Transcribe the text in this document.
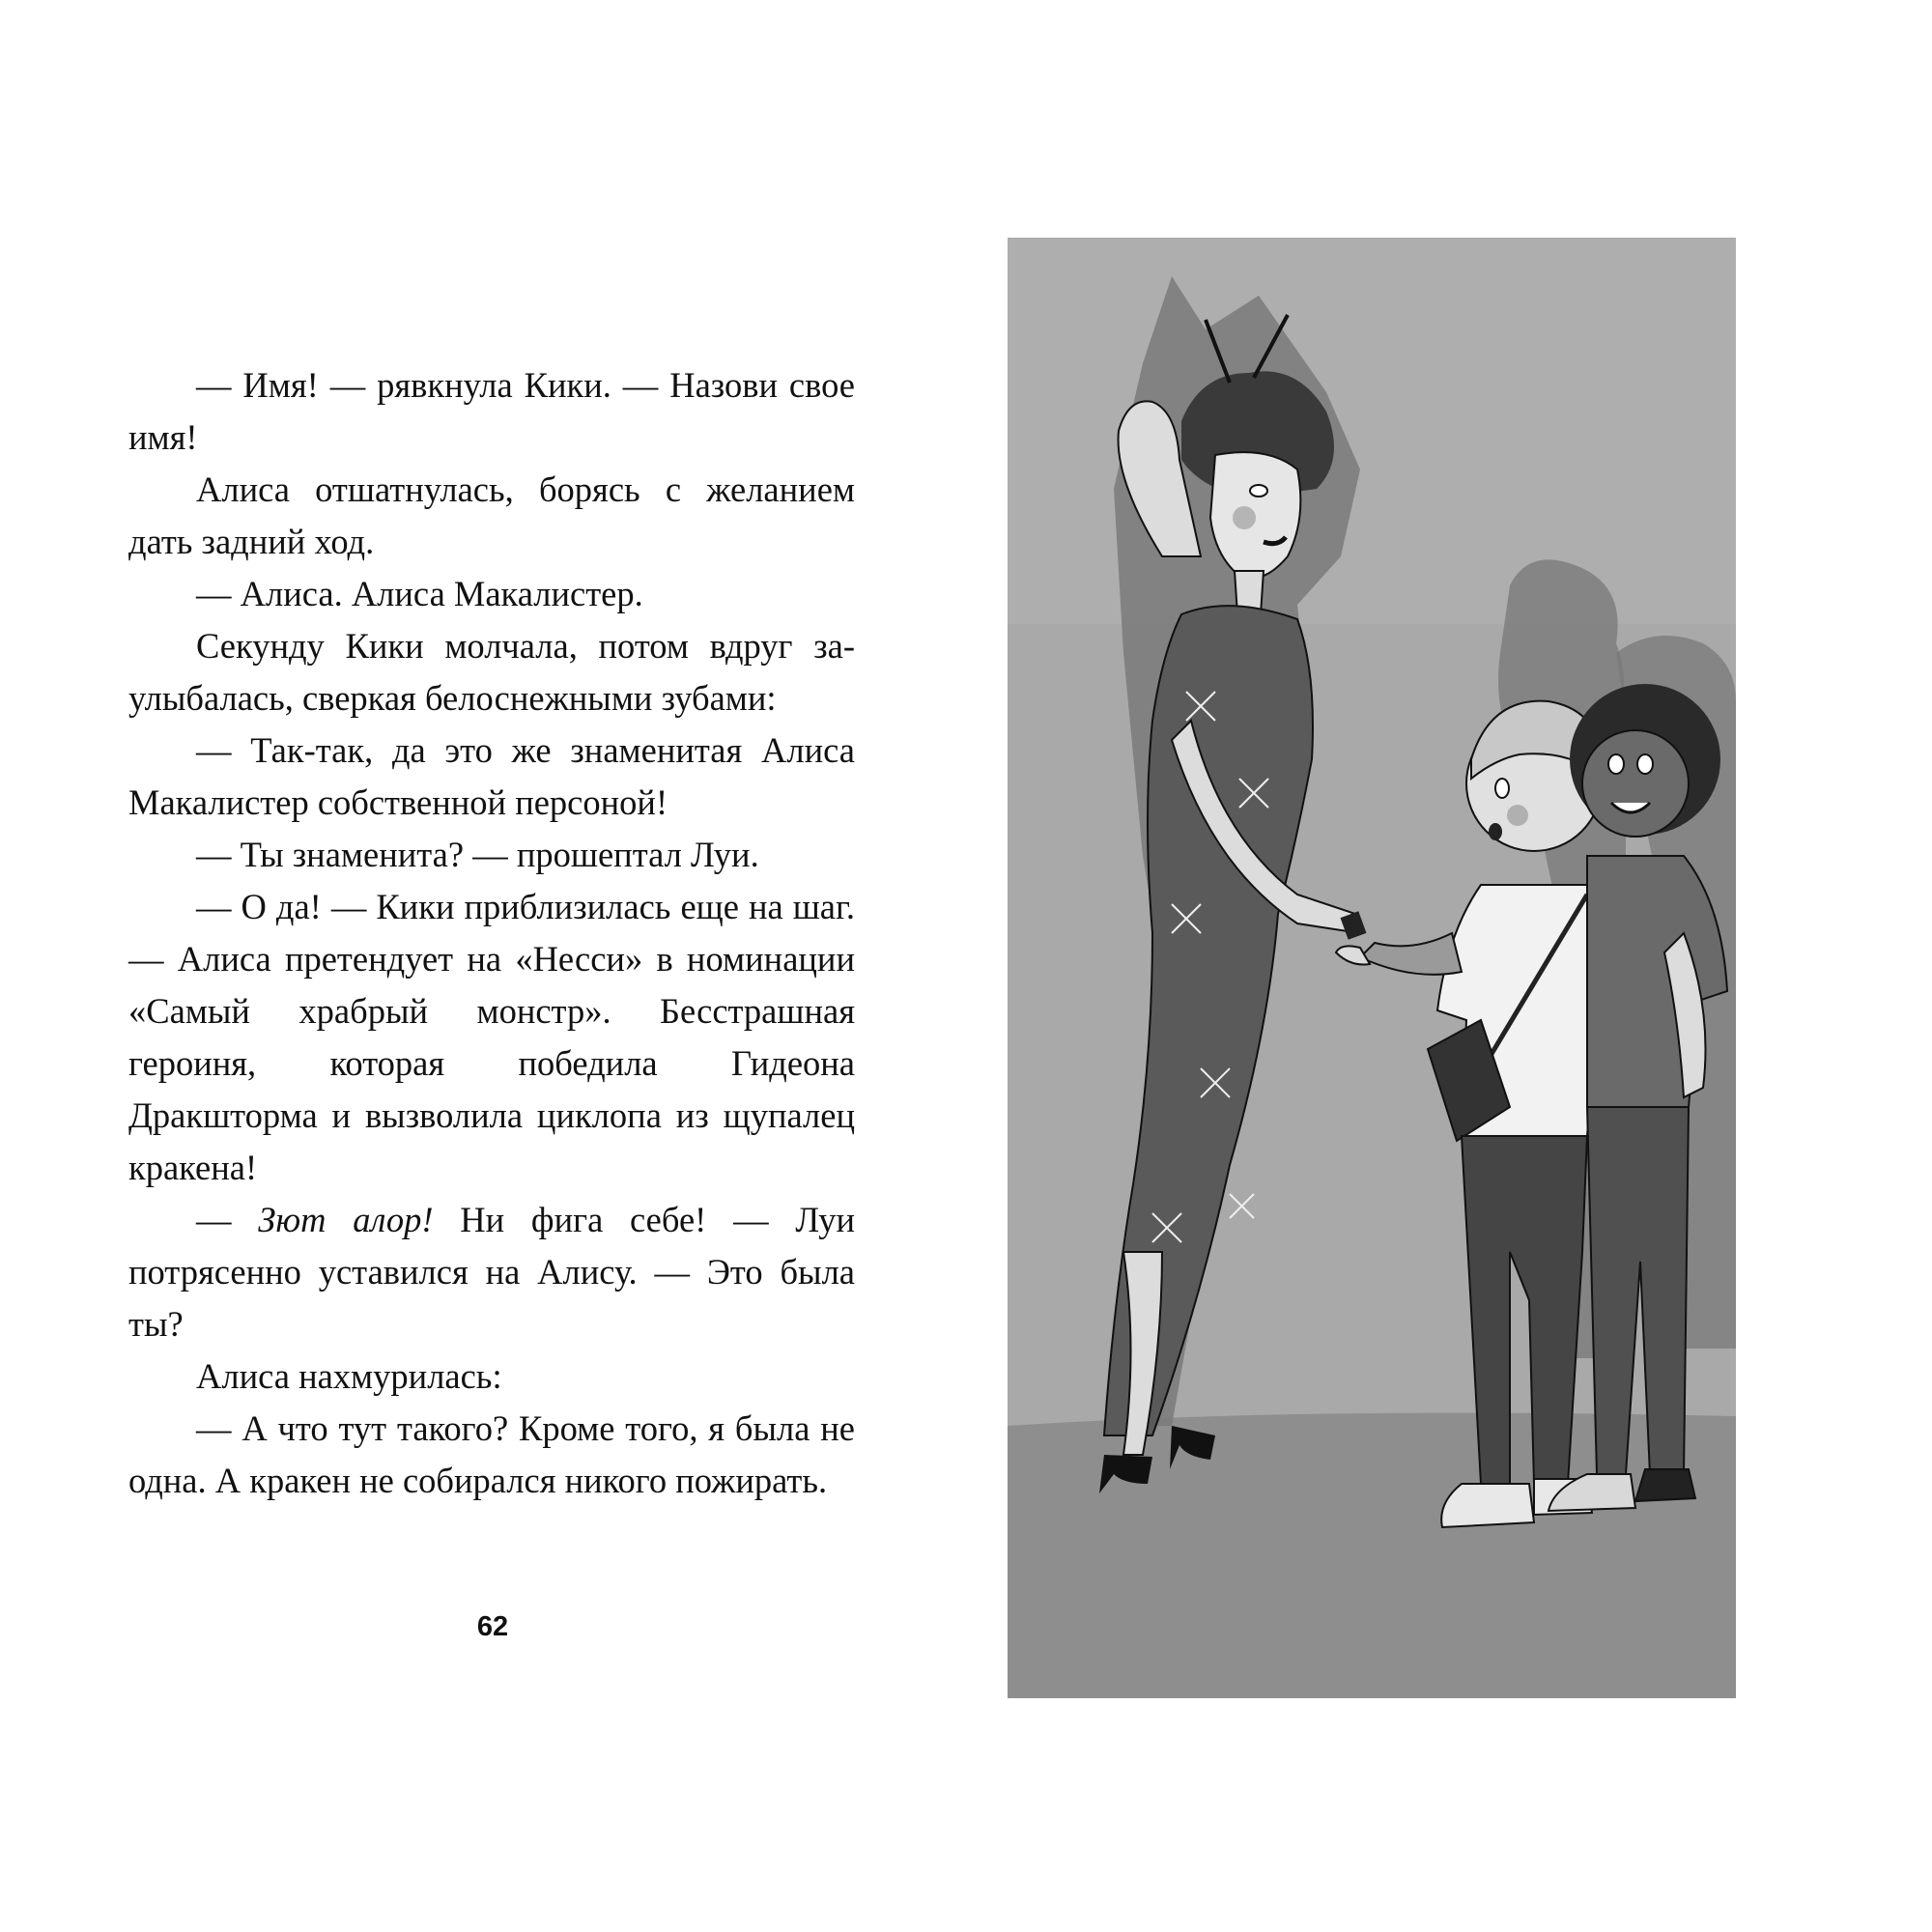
— Имя! — рявкнула Кики. — Назови свое имя!

Алиса отшатнулась, борясь с желанием дать задний ход.

— Алиса. Алиса Макалистер.

Секунду Кики молчала, потом вдруг заулыбалась, сверкая белоснежными зубами:

— Так-так, да это же знаменитая Алиса Макалистер собственной персоной!

— Ты знаменита? — прошептал Луи.

— О да! — Кики приблизилась еще на шаг. — Алиса претендует на «Несси» в номинации «Самый храбрый монстр». Бесстрашная героиня, которая победила Гидеона Дракшторма и вызволила циклопа из щупалец кракена!

— Зют алор! Ни фига себе! — Луи потрясенно уставился на Алису. — Это была ты?

Алиса нахмурилась:

— А что тут такого? Кроме того, я была не одна. А кракен не собирался никого пожирать.

62
